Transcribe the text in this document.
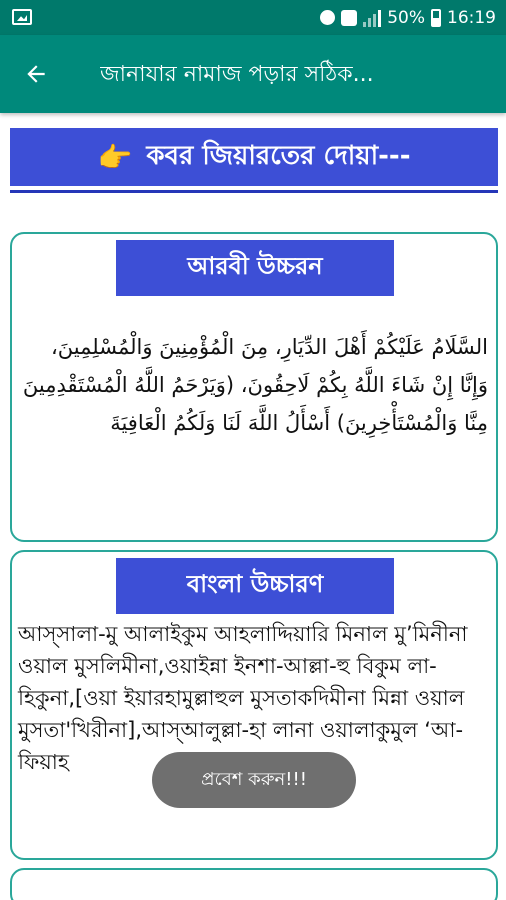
50% 16:19
জানাযার নামাজ পড়ার সঠিক...
👉 কবর জিয়ারতের দোয়া---
আরবী উচ্চরন
السَّلَامُ عَلَيْكُمْ أَهْلَ الدِّيَارِ، مِنَ الْمُؤْمِنِينَ وَالْمُسْلِمِينَ، وَإِنَّا إِنْ شَاءَ اللَّهُ بِكُمْ لَاحِقُونَ، (وَيَرْحَمُ اللَّهُ الْمُسْتَقْدِمِينَ مِنَّا وَالْمُسْتَأْخِرِينَ) أَسْأَلُ اللَّهَ لَنَا وَلَكُمُ الْعَافِيَةَ
বাংলা উচ্চারণ
আস্‌সালা-মু আলাইকুম আহলাদ্দিয়ারি মিনাল মু’মিনীনা ওয়াল মুসলিমীনা,ওয়াইন্না ইনশা-আল্লা-হু বিকুম লা-হিকুনা,[ওয়া ইয়ারহামুল্লাহুল মুসতাকদিমীনা মিন্না ওয়াল মুসতা'খিরীনা],আস্‌আলুল্লা-হা লানা ওয়ালাকুমুল ‘আ-ফিয়াহ
প্রবেশ করুন!!!
